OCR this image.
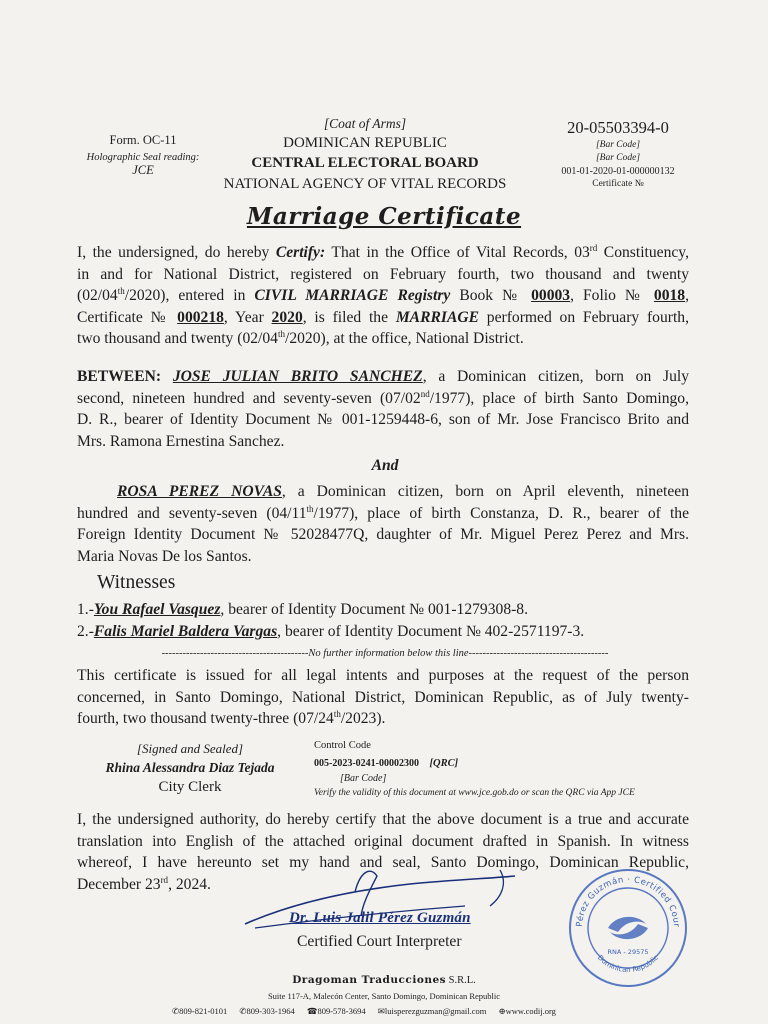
Form. OC-11
Holographic Seal reading:
JCE
[Coat of Arms]
DOMINICAN REPUBLIC
CENTRAL ELECTORAL BOARD
NATIONAL AGENCY OF VITAL RECORDS
20-05503394-0
[Bar Code]
[Bar Code]
001-01-2020-01-000000132
Certificate №
Marriage Certificate
I, the undersigned, do hereby Certify: That in the Office of Vital Records, 03rd Constituency,
in and for National District, registered on February fourth, two thousand and twenty
(02/04th/2020), entered in CIVIL MARRIAGE Registry Book № 00003, Folio № 0018,
Certificate № 000218, Year 2020, is filed the MARRIAGE performed on February fourth,
two thousand and twenty (02/04th/2020), at the office, National District.
BETWEEN: JOSE JULIAN BRITO SANCHEZ, a Dominican citizen, born on July
second, nineteen hundred and seventy-seven (07/02nd/1977), place of birth Santo Domingo,
D. R., bearer of Identity Document № 001-1259448-6, son of Mr. Jose Francisco Brito and
Mrs. Ramona Ernestina Sanchez.
And
ROSA PEREZ NOVAS, a Dominican citizen, born on April eleventh, nineteen
hundred and seventy-seven (04/11th/1977), place of birth Constanza, D. R., bearer of the
Foreign Identity Document № 52028477Q, daughter of Mr. Miguel Perez Perez and Mrs.
Maria Novas De los Santos.
Witnesses
1.-You Rafael Vasquez, bearer of Identity Document № 001-1279308-8.
2.-Falis Mariel Baldera Vargas, bearer of Identity Document № 402-2571197-3.
------------------------------------------No further information below this line----------------------------------------
This certificate is issued for all legal intents and purposes at the request of the person
concerned, in Santo Domingo, National District, Dominican Republic, as of July twenty-
fourth, two thousand twenty-three (07/24th/2023).
[Signed and Sealed]
Rhina Alessandra Diaz Tejada
City Clerk
Control Code
005-2023-0241-00002300 [QRC]
[Bar Code]
Verify the validity of this document at www.jce.gob.do or scan the QRC via App JCE
I, the undersigned authority, do hereby certify that the above document is a true and accurate
translation into English of the attached original document drafted in Spanish. In witness
whereof, I have hereunto set my hand and seal, Santo Domingo, Dominican Republic,
December 23rd, 2024.
Dr. Luis Jalil Pérez Guzmán
Certified Court Interpreter
Pérez Guzmán · Certified Cour
Dominican Republic
RNA - 29575
Dragoman Traducciones S.R.L.
Suite 117-A, Malecón Center, Santo Domingo, Dominican Republic
✆809-821-0101 ✆809-303-1964 ☎809-578-3694 ✉luisperezguzman@gmail.com ⊕www.codij.org
